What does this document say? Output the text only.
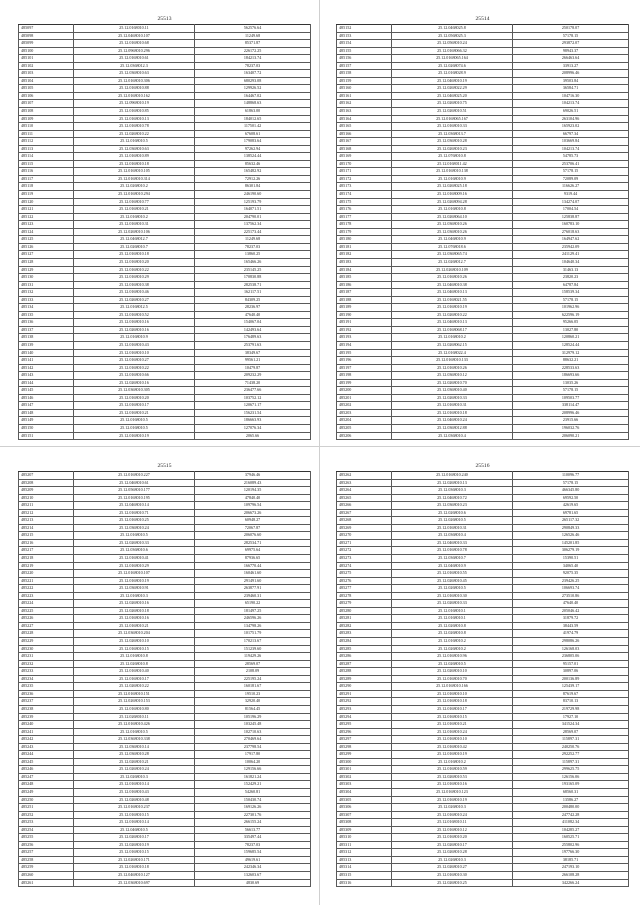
25513
485097	25.12.0168010.11	562576.64
485098	25.12.0468010.107	11249.68
485099	25.12.0168010.68	85371.87
485100	25.12.0968010.296	226172.25
485101	25.12.0168010.61	184213.74
485102	25.12.0368012.3	78237.03
485103	25.12.0368010.63	163407.72
485104	25.12.0168010.306	680293.08
485105	25.12.0168010.88	129926.52
485106	25.12.0168010.162	164467.02
485107	25.12.0968010.19	148868.63
485108	25.12.0168010.85	61863.00
485109	25.12.0168010.13	184012.65
485110	25.12.0168010.78	117501.42
485111	25.12.0268010.22	67608.61
485112	25.12.0168010.5	179083.64
485113	25.12.0368010.63	97262.94
485114	25.12.0168010.89	138524.44
485115	25.12.0168010.18	85632.46
485116	25.12.0168010.105	165482.92
485117	25.12.0168010.314	72912.26
485118	25.12.0268010.2	86301.84
485119	25.12.0168010.294	246190.60
485120	25.12.0168010.77	125193.79
485121	25.12.0168010.21	164071.51
485122	25.12.0168010.2	204790.01
485123	25.12.0168010.31	137562.34
485124	25.12.0268010.106	225173.44
485125	25.12.0468012.7	11249.68
485126	25.12.0268010.7	78237.03
485127	25.12.0168010.18	13860.25
485128	25.12.0168010.20	165466.26
485129	25.12.0168010.22	235145.25
485130	25.12.0168010.29	170830.88
485131	25.12.0168010.38	282538.71
485132	25.12.0168010.46	162117.51
485133	25.12.0268010.27	84309.25
485134	25.12.0168012.5	28236.97
485135	25.12.0168010.52	47640.40
485136	25.12.0168010.16	154067.04
485137	25.12.0268010.16	142493.64
485138	25.12.0168010.9	176489.63
485139	25.12.0168010.43	253791.63
485140	25.12.0168010.10	38349.67
485141	25.12.0168010.27	99561.21
485142	25.12.0168010.22	10479.87
485143	25.12.0168010.66	209232.29
485144	25.12.0268010.16	71438.20
485145	25.12.0368010.305	236477.66
485146	25.12.0168010.20	103752.12
485147	25.12.0168010.17	120671.17
485148	25.12.0168010.21	156231.54
485149	25.12.0168010.5	186663.93
485150	25.12.0168010.5	127076.34
485151	25.12.0168010.19	2065.66
25514
485152	25.12.0468025.8	250178.07
485153	25.12.0568025.3	57178.15
485154	25.12.0568010.24	293872.07
485155	25.12.0168066.32	98943.37
485156	25.12.0168065.164	266463.64
485157	25.12.0268074.6	33913.27
485158	25.12.0168028.9	208996.46
485159	25.12.0468010.19	39503.84
485160	25.12.0268022.29	36584.71
485161	25.12.0468025.20	104716.30
485162	25.12.0268010.75	104213.74
485163	25.12.0268010.51	69026.51
485164	25.12.0168065.167	263104.96
485165	25.12.0168010.33	165923.02
485166	25.12.0368013.7	66797.34
485167	25.12.0368010.28	103669.84
485168	25.12.0268010.23	104213.74
485169	25.12.0768010.8	54785.73
485170	25.12.0168011.42	253706.41
485171	25.12.0168010.138	57178.15
485172	25.12.0168010.9	72089.09
485173	25.12.0268025.18	116626.27
485174	25.12.0168009.16	9319.44
485175	25.12.0268094.28	134274.07
485176	25.12.0168010.8	17004.54
485177	25.12.0268064.10	125838.87
485178	25.12.0368010.26	160783.10
485179	25.12.0368010.26	276018.63
485180	25.12.0468010.9	164947.62
485181	25.12.0768018.6	235942.09
485182	25.12.0368065.74	241129.41
485183	25.12.0268012.7	104640.34
485184	25.12.0268010.109	31463.13
485185	25.12.0168010.26	23820.23
485186	25.12.0468010.38	64787.84
485187	25.12.0468010.13	158539.34
485188	25.12.0168021.55	57178.15
485189	25.12.0168010.19	101962.96
485190	25.12.0268010.22	622596.19
485191	25.12.0468010.13	95266.05
485192	25.12.0168068.17	13027.80
485193	25.12.0168010.2	120860.21
485194	25.12.0268062.15	128524.44
485195	25.12.0168022.4	312979.12
485196	25.12.0168010.133	88632.21
485197	25.12.0168010.26	228533.63
485198	25.12.0368010.12	186693.66
485199	25.12.0268010.70	13035.26
485200	25.12.0368010.40	57178.15
485201	25.12.0268010.33	109503.77
485202	25.12.0168010.31	338114.47
485203	25.12.0168010.18	208996.46
485204	25.12.0468010.24	23915.66
485205	25.12.0368012.88	196032.76
485206	25.12.0368010.4	206090.21
25515
485207	25.12.0168010.227	37946.46
485208	25.12.0468010.61	216089.43
485209	25.12.0568010.177	120194.35
485210	25.12.0168010.195	47840.40
485211	25.12.0468010.14	109796.54
485212	25.12.0168010.71	206673.26
485213	25.12.0168010.25	60948.27
485214	25.12.0368010.24	72067.87
485215	25.12.0168010.5	206076.60
485216	25.12.0268010.33	282534.71
485217	25.12.0368010.6	69975.64
485218	25.12.0168010.41	87936.65
485219	25.12.0168010.29	166770.44
485220	25.12.0168010.107	160461.60
485221	25.12.0168010.19	291491.60
485222	25.12.0368010.91	263877.91
485223	25.12.0168010.3	239460.31
485224	25.12.0268010.16	65190.22
485225	25.12.0268010.18	181497.25
485226	25.12.0168010.16	246596.26
485227	25.12.0168010.21	134798.26
485228	25.12.0368010.204	101751.79
485229	25.12.0268010.10	170213.67
485230	25.12.0168010.15	151239.60
485231	25.12.0168010.8	119429.26
485232	25.12.0268010.8	28569.07
485233	25.12.0168010.40	2108.09
485234	25.12.0168010.17	225195.24
485235	25.12.0268010.22	160181.67
485236	25.12.0168010.151	19510.23
485237	25.12.0268010.153	32920.40
485238	25.12.0168010.80	81564.45
485239	25.12.0268010.11	105196.29
485240	25.12.0168010.426	103245.48
485241	25.12.0168010.5	102710.63
485242	25.12.0368010.338	270469.64
485243	25.12.0368010.14	237798.54
485244	25.12.0368010.28	17917.80
485245	25.12.0268010.21	10064.20
485246	25.12.0268010.24	129156.66
485247	25.12.0268010.3	161821.24
485248	25.12.0168010.14	152429.21
485249	25.12.0168010.43	54260.81
485250	25.12.0268010.48	150430.74
485251	25.12.0168010.237	169126.26
485252	25.12.0168010.15	227301.76
485253	25.12.0168010.14	266155.24
485254	25.12.0468010.5	56613.77
485255	25.12.0268010.17	335497.44
485256	25.12.0268010.19	78237.03
485257	25.12.0168010.15	159685.54
485258	25.12.0268010.171	49619.61
485259	25.12.0168010.18	242346.34
485260	25.12.0468010.127	132603.67
485261	25.12.0368010.697	4830.69
25516
485262	25.12.0168010.240	110096.77
485263	25.12.0268010.13	57178.15
485264	25.12.0368010.3	466345.80
485265	25.12.0468010.72	69592.50
485266	25.12.0368010.23	42619.65
485267	25.12.0268010.6	69781.65
485268	25.12.0268010.5	265117.32
485269	25.12.0168010.31	290849.33
485270	25.12.0368010.4	126526.46
485271	25.12.0468010.33	145201.85
485272	25.12.0168010.78	306279.19
485273	25.12.0368010.7	15390.51
485274	25.12.0468010.9	34065.40
485275	25.12.0168010.55	92075.35
485276	25.12.0268010.45	239426.25
485277	25.12.0268010.5	106693.74
485278	25.12.0168010.30	273510.86
485279	25.12.0268010.33	47640.40
485280	25.12.0168010.1	205046.42
485281	25.12.0168010.1	31879.72
485282	25.12.0268010.8	38443.59
485283	25.12.0268010.8	41974.79
485284	25.12.0168010.2	298086.26
485285	25.12.0268010.2	126168.03
485286	25.12.0168010.96	236805.06
485287	25.12.0268010.5	95157.01
485288	25.12.0268010.10	30897.06
485289	25.12.0168010.70	200136.89
485290	25.12.0168010.166	125439.17
485291	25.12.0168010.10	87619.67
485292	25.12.0168010.18	83710.13
485293	25.12.0168010.17	219729.98
485294	25.12.0168010.15	17927.10
485295	25.12.0168010.21	341524.34
485296	25.12.0168010.24	28569.07
485297	25.12.0168010.10	115897.31
485298	25.12.0168010.42	240250.76
485299	25.12.0168010.19	292252.77
485300	25.12.0168010.2	115897.31
485301	25.12.0168010.59	299625.75
485302	25.12.0268010.53	126156.06
485303	25.12.0168010.16	193165.09
485304	25.12.0168010.123	68560.31
485305	25.12.0168010.19	13586.27
485306	25.12.0268010.3	200480.00
485307	25.12.0168010.24	247742.28
485308	25.12.0168010.11	411082.34
485309	25.12.0168010.12	104285.27
485310	25.12.0168010.20	160525.71
485311	25.12.0268010.17	255802.96
485312	25.12.0268010.28	197766.30
485313	25.12.0268010.3	38185.71
485314	25.12.0268010.27	247193.10
485315	25.12.0168010.30	266108.28
485316	25.12.0268010.25	342266.24
